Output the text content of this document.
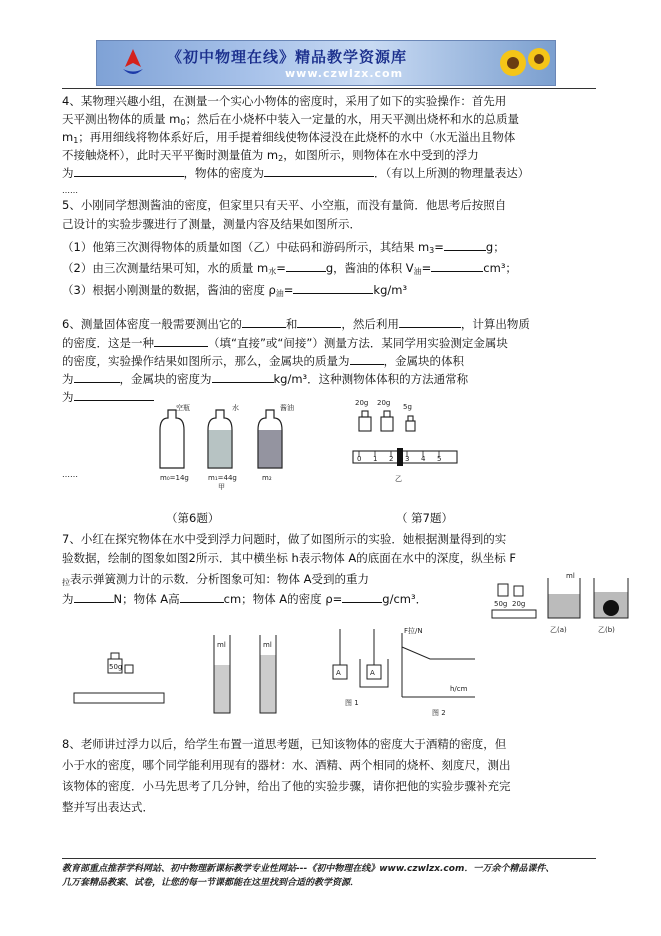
《初中物理在线》精品教学资源库
www.czwlzx.com

4、某物理兴趣小组，在测量一个实心小物体的密度时，采用了如下的实验操作：首先用

天平测出物体的质量 $m_0$；然后在小烧杯中装入一定量的水，用天平测出烧杯和水的总质量

$m_1$；再用细线将物体系好后，用手提着细线使物体浸没在此烧杯的水中（水无溢出且物体

不接触烧杯），此时天平平衡时测量值为 $m_2$，如图所示，则物体在水中受到的浮力

为	，物体的密度为	．（有以上所测的物理量表达）

……

5、小刚同学想测酱油的密度，但家里只有天平、小空瓶，而没有量筒．他思考后按照自

己设计的实验步骤进行了测量，测量内容及结果如图所示．

（1）他第三次测得物体的质量如图（乙）中砝码和游码所示，其结果 $m_3=$	g；

（2）由三次测量结果可知，水的质量 $m_水=$	g，酱油的体积 $V_油=$	cm³；

（3）根据小刚测量的数据，酱油的密度 $\rho_油=$	kg/m³

6、测量固体密度一般需要测出它的	和	，然后利用	，计算出物质

的密度．这是一种	（填“直接”或“间接”）测量方法．某同学用实验测定金属块

的密度，实验操作结果如图所示，那么，金属块的质量为	，金属块的体积

为	，金属块的密度为	kg/m³．这种测物体体积的方法通常称

为

空瓶	水	酱油
m₀=14g	m₁=44g	m₂
甲
……
20g 20g 5g
0 1 2 3 4 5
乙
（第6题）	（ 第7题）

7、小红在探究物体在水中受到浮力问题时，做了如图所示的实验．她根据测量得到的实

验数据，绘制的图象如图2所示．其中横坐标 h表示物体 A的底面在水中的深度，纵坐标 F

$_拉$表示弹簧测力计的示数．分析图象可知：物体 A受到的重力

为	N；物体 A高	cm；物体 A的密度 ρ=	g/cm³．	50g 20g
ml
乙(a)	乙(b)
50g
ml	ml
A	A
图 1
F拉/N
h/cm
图 2

8、老师讲过浮力以后，给学生布置一道思考题，已知该物体的密度大于酒精的密度，但

小于水的密度，哪个同学能利用现有的器材：水、酒精、两个相同的烧杯、刻度尺，测出

该物体的密度．小马先思考了几分钟，给出了他的实验步骤，请你把他的实验步骤补充完

整并写出表达式．

教育部重点推荐学科网站、初中物理新课标教学专业性网站---《初中物理在线》www.czwlzx.com．一万余个精品课件、
几万套精品教案、试卷，让您的每一节课都能在这里找到合适的教学资源．
